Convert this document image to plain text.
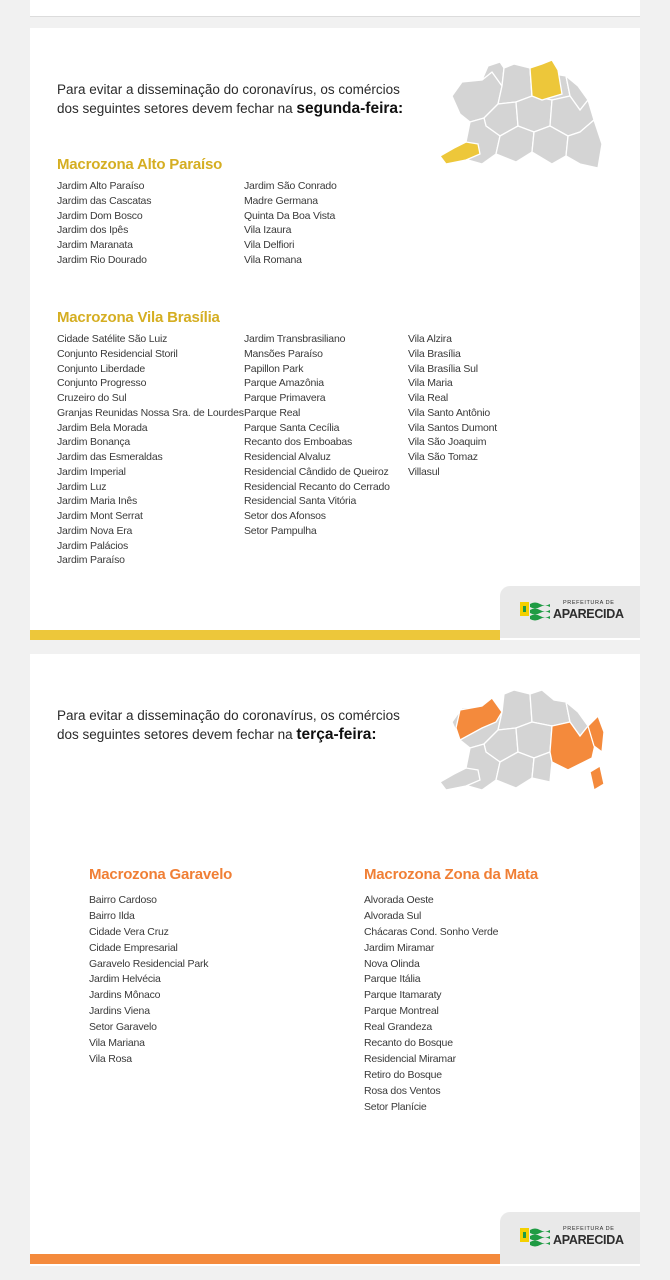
Para evitar a disseminação do coronavírus, os comércios
dos seguintes setores devem fechar na segunda-feira:
Macrozona Alto Paraíso
Jardim Alto Paraíso
Jardim das Cascatas
Jardim Dom Bosco
Jardim dos Ipês
Jardim Maranata
Jardim Rio Dourado
Jardim São Conrado
Madre Germana
Quinta Da Boa Vista
Vila Izaura
Vila Delfiori
Vila Romana
Macrozona Vila Brasília
Cidade Satélite São Luiz
Conjunto Residencial Storil
Conjunto Liberdade
Conjunto Progresso
Cruzeiro do Sul
Granjas Reunidas Nossa Sra. de Lourdes
Jardim Bela Morada
Jardim Bonança
Jardim das Esmeraldas
Jardim Imperial
Jardim Luz
Jardim Maria Inês
Jardim Mont Serrat
Jardim Nova Era
Jardim Palácios
Jardim Paraíso
Jardim Transbrasiliano
Mansões Paraíso
Papillon Park
Parque Amazônia
Parque Primavera
Parque Real
Parque Santa Cecília
Recanto dos Emboabas
Residencial Alvaluz
Residencial Cândido de Queiroz
Residencial Recanto do Cerrado
Residencial Santa Vitória
Setor dos Afonsos
Setor Pampulha
Vila Alzira
Vila Brasília
Vila Brasília Sul
Vila Maria
Vila Real
Vila Santo Antônio
Vila Santos Dumont
Vila São Joaquim
Vila São Tomaz
Villasul
PREFEITURA DE
APARECIDA
Para evitar a disseminação do coronavírus, os comércios
dos seguintes setores devem fechar na terça-feira:
Macrozona Garavelo
Bairro Cardoso
Bairro Ilda
Cidade Vera Cruz
Cidade Empresarial
Garavelo Residencial Park
Jardim Helvécia
Jardins Mônaco
Jardins Viena
Setor Garavelo
Vila Mariana
Vila Rosa
Macrozona Zona da Mata
Alvorada Oeste
Alvorada Sul
Chácaras Cond. Sonho Verde
Jardim Miramar
Nova Olinda
Parque Itália
Parque Itamaraty
Parque Montreal
Real Grandeza
Recanto do Bosque
Residencial Miramar
Retiro do Bosque
Rosa dos Ventos
Setor Planície
PREFEITURA DE
APARECIDA
